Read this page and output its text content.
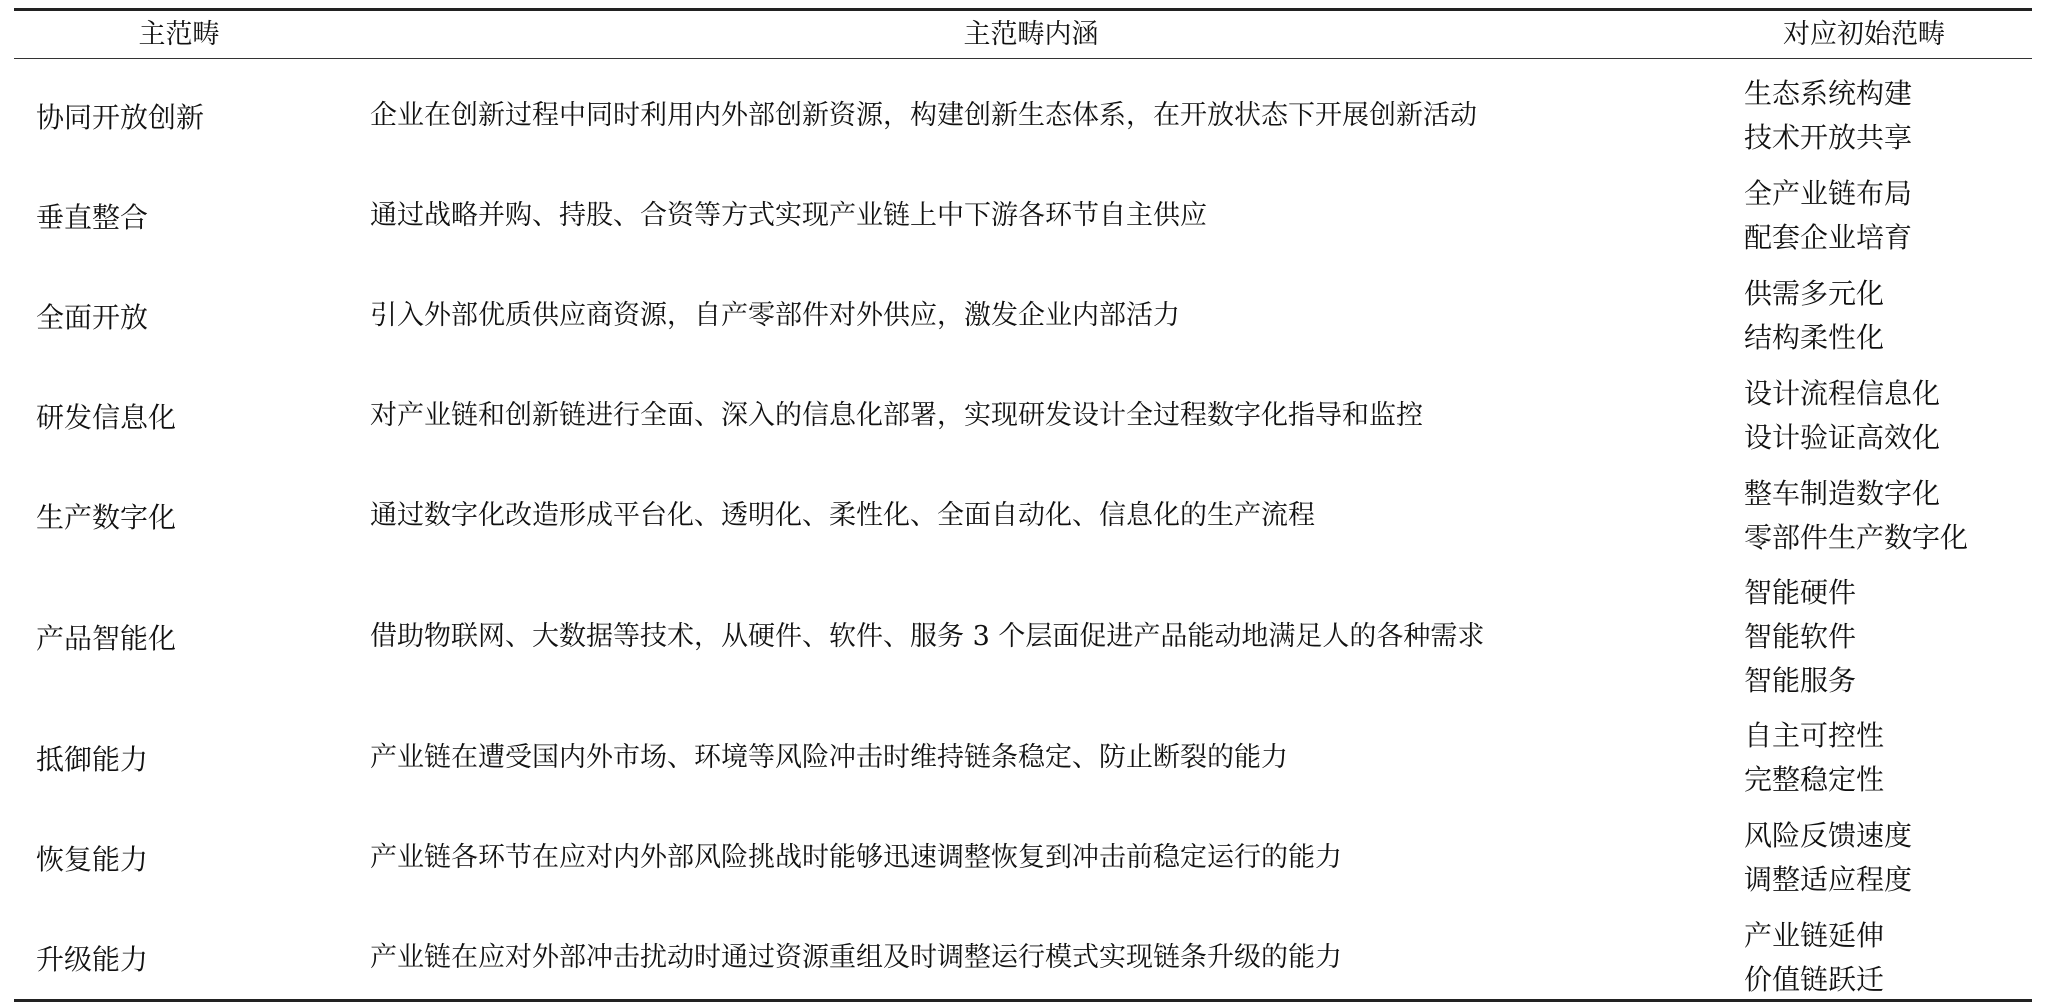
主范畴	主范畴内涵	对应初始范畴
协同开放创新	企业在创新过程中同时利用内外部创新资源，构建创新生态体系，在开放状态下开展创新活动
生态系统构建
技术开放共享
垂直整合	通过战略并购、持股、合资等方式实现产业链上中下游各环节自主供应
全产业链布局
配套企业培育
全面开放	引入外部优质供应商资源，自产零部件对外供应，激发企业内部活力
供需多元化
结构柔性化
研发信息化	对产业链和创新链进行全面、深入的信息化部署，实现研发设计全过程数字化指导和监控
设计流程信息化
设计验证高效化
生产数字化	通过数字化改造形成平台化、透明化、柔性化、全面自动化、信息化的生产流程
整车制造数字化
零部件生产数字化
产品智能化	借助物联网、大数据等技术，从硬件、软件、服务 3 个层面促进产品能动地满足人的各种需求
智能硬件
智能软件
智能服务
抵御能力	产业链在遭受国内外市场、环境等风险冲击时维持链条稳定、防止断裂的能力
自主可控性
完整稳定性
恢复能力	产业链各环节在应对内外部风险挑战时能够迅速调整恢复到冲击前稳定运行的能力
风险反馈速度
调整适应程度
升级能力	产业链在应对外部冲击扰动时通过资源重组及时调整运行模式实现链条升级的能力
产业链延伸
价值链跃迁
